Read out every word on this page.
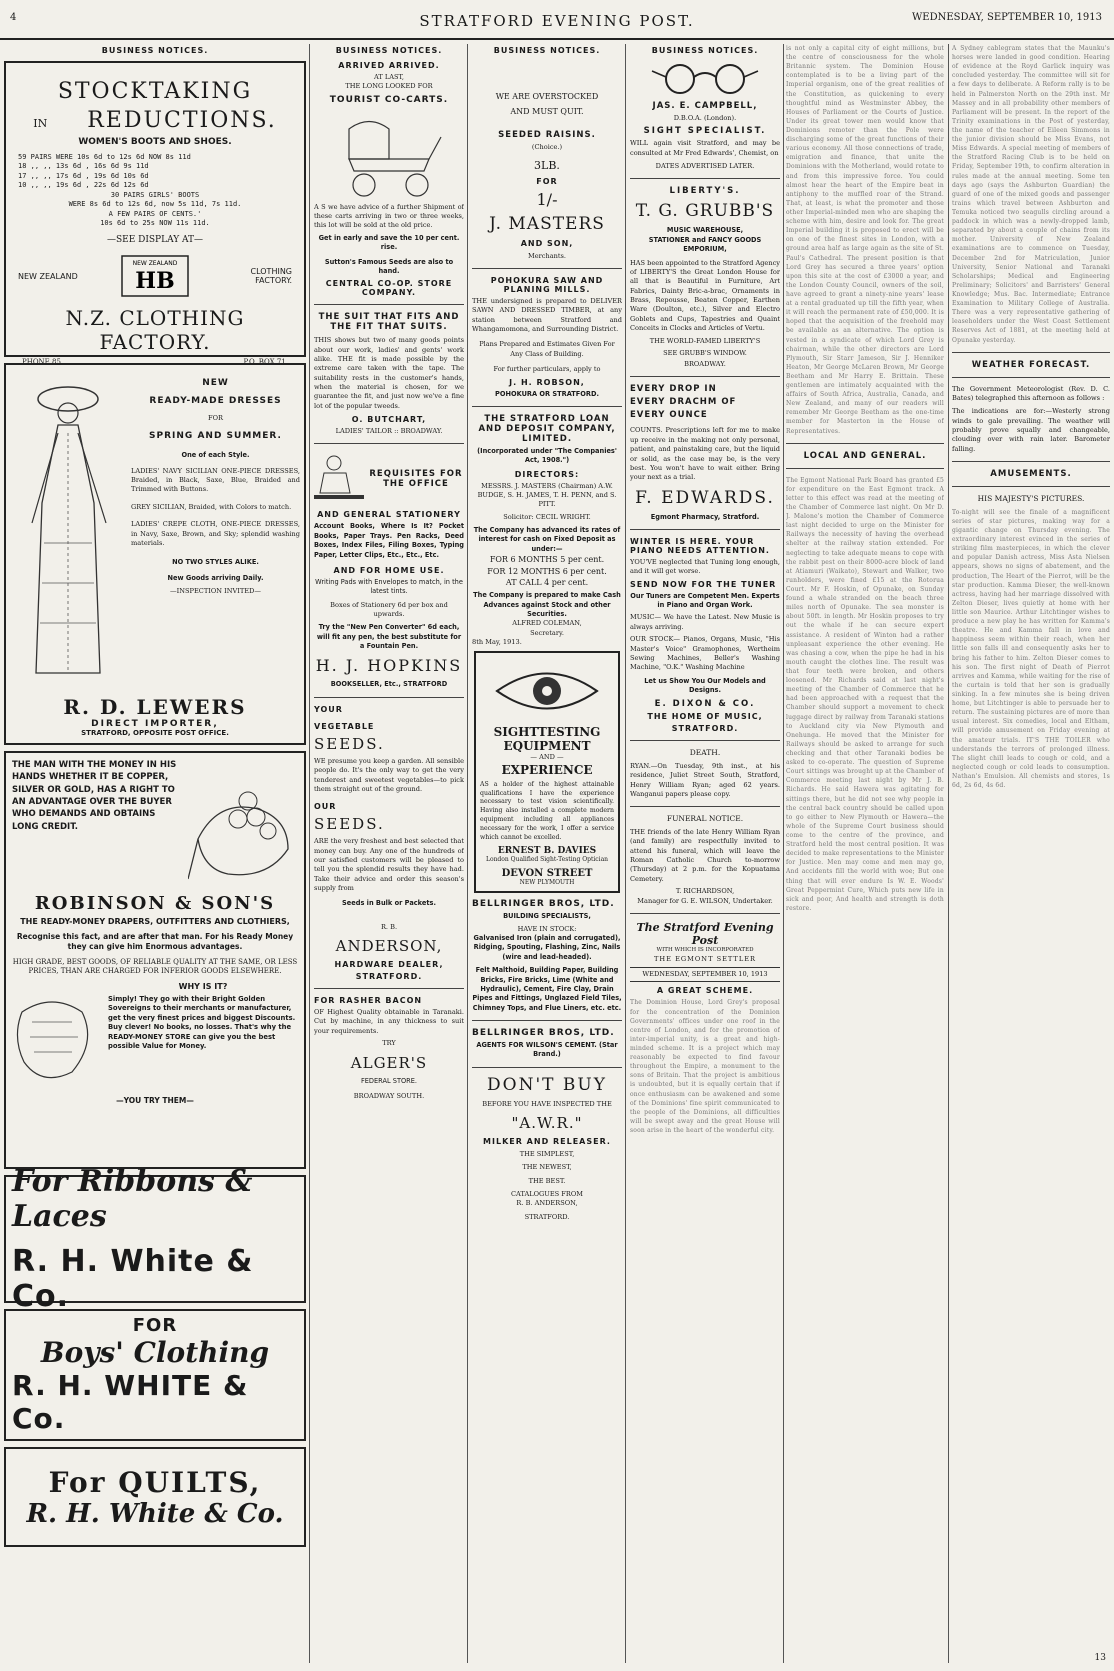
4	STRATFORD EVENING POST.	WEDNESDAY, SEPTEMBER 10, 1913
BUSINESS NOTICES.
STOCKTAKING
IN REDUCTIONS.
WOMEN'S BOOTS AND SHOES.
59 PAIRS WERE 10s 6d to 12s 6d NOW 8s 11d
18 ,, ,, 13s 6d , 16s 6d 9s 11d
17 ,, ,, 17s 6d , 19s 6d 10s 6d
10 ,, ,, 19s 6d , 22s 6d 12s 6d
30 PAIRS GIRLS' BOOTS
WERE 8s 6d to 12s 6d, now 5s 11d, 7s 11d.
A FEW PAIRS OF CENTS.'
10s 6d to 25s NOW 11s 11d.
—SEE DISPLAY AT—
NEW ZEALAND
NEW ZEALAND
HB	CLOTHING FACTORY.
N.Z. CLOTHING FACTORY.
PHONE 85.	P.O. BOX 71.
NEW
READY-MADE DRESSES
FOR
SPRING AND SUMMER.
One of each Style.
LADIES' NAVY SICILIAN ONE-PIECE DRESSES, Braided, in Black, Saxe, Blue, Braided and Trimmed with Buttons.
GREY SICILIAN, Braided, with Colors to match.
LADIES' CREPE CLOTH, ONE-PIECE DRESSES, in Navy, Saxe, Brown, and Sky; splendid washing materials.
NO TWO STYLES ALIKE.
New Goods arriving Daily.
—INSPECTION INVITED—
R. D. LEWERS
DIRECT IMPORTER,
STRATFORD, OPPOSITE POST OFFICE.
THE MAN WITH THE MONEY IN HIS HANDS WHETHER IT BE COPPER, SILVER OR GOLD, HAS A RIGHT TO AN ADVANTAGE OVER THE BUYER WHO DEMANDS AND OBTAINS LONG CREDIT.
ROBINSON & SON'S
THE READY-MONEY DRAPERS, OUTFITTERS AND CLOTHIERS,
Recognise this fact, and are after that man. For his Ready Money they can give him Enormous advantages.
HIGH GRADE, BEST GOODS, OF RELIABLE QUALITY AT THE SAME, OR LESS PRICES, THAN ARE CHARGED FOR INFERIOR GOODS ELSEWHERE.
WHY IS IT?
Simply! They go with their Bright Golden Sovereigns to their merchants or manufacturer, get the very finest prices and biggest Discounts. Buy clever! No books, no losses. That's why the READY-MONEY STORE can give you the best possible Value for Money.
—YOU TRY THEM—
For Ribbons & Laces
R. H. White & Co.
FOR
Boys' Clothing
R. H. WHITE & Co.
For QUILTS,
R. H. White & Co.
BUSINESS NOTICES.
ARRIVED ARRIVED.
AT LAST,
THE LONG LOOKED FOR
TOURIST CO-CARTS.
A S we have advice of a further Shipment of these carts arriving in two or three weeks, this lot will be sold at the old price.
Get in early and save the 10 per cent. rise.
Sutton's Famous Seeds are also to hand.
CENTRAL CO-OP. STORE COMPANY.
THE SUIT THAT FITS AND THE FIT THAT SUITS.
THIS shows but two of many goods points about our work, ladies' and gents' work alike. THE fit is made possible by the extreme care taken with the tape. The suitability rests in the customer's hands, when the material is chosen, for we guarantee the fit, and just now we've a fine lot of the popular tweeds.
O. BUTCHART,
LADIES' TAILOR :: BROADWAY.
REQUISITES FOR THE OFFICE
AND GENERAL STATIONERY
Account Books, Where Is It? Pocket Books, Paper Trays. Pen Racks, Deed Boxes, Index Files, Filing Boxes, Typing Paper, Letter Clips, Etc., Etc., Etc.
AND FOR HOME USE.
Writing Pads with Envelopes to match, in the latest tints.
Boxes of Stationery 6d per box and upwards.
Try the "New Pen Converter" 6d each, will fit any pen, the best substitute for a Fountain Pen.
H. J. HOPKINS
BOOKSELLER, Etc., STRATFORD
YOUR
VEGETABLE
SEEDS.
WE presume you keep a garden. All sensible people do. It's the only way to get the very tenderest and sweetest vegetables—to pick them straight out of the ground.
OUR
SEEDS.
ARE the very freshest and best selected that money can buy. Any one of the hundreds of our satisfied customers will be pleased to tell you the splendid results they have had. Take their advice and order this season's supply from
Seeds in Bulk or Packets.
R. B.
ANDERSON,
HARDWARE DEALER,
STRATFORD.
FOR RASHER BACON
OF Highest Quality obtainable in Taranaki. Cut by machine, in any thickness to suit your requirements.
TRY
ALGER'S
FEDERAL STORE.
BROADWAY SOUTH.
BUSINESS NOTICES.
WE ARE OVERSTOCKED
AND MUST QUIT.
SEEDED RAISINS.
(Choice.)
3LB.
FOR
1/-
J. MASTERS
AND SON,
Merchants.
POHOKURA SAW AND PLANING MILLS.
THE undersigned is prepared to DELIVER SAWN AND DRESSED TIMBER, at any station between Stratford and Whangamomona, and Surrounding District.
Plans Prepared and Estimates Given For Any Class of Building.
For further particulars, apply to
J. H. ROBSON,
POHOKURA OR STRATFORD.
THE STRATFORD LOAN AND DEPOSIT COMPANY, LIMITED.
(Incorporated under "The Companies' Act, 1908.")
DIRECTORS:
MESSRS. J. MASTERS (Chairman) A.W. BUDGE, S. H. JAMES, T. H. PENN, and S. PITT.
Solicitor: CECIL WRIGHT.
The Company has advanced its rates of interest for cash on Fixed Deposit as under:—
FOR 6 MONTHS 5 per cent.
FOR 12 MONTHS 6 per cent.
AT CALL 4 per cent.
The Company is prepared to make Cash Advances against Stock and other Securities.
ALFRED COLEMAN,
Secretary.
8th May, 1913.
SIGHTTESTING
EQUIPMENT
— AND —
EXPERIENCE
AS a holder of the highest attainable qualifications I have the experience necessary to test vision scientifically. Having also installed a complete modern equipment including all appliances necessary for the work, I offer a service which cannot be excelled.
ERNEST B. DAVIES
London Qualified Sight-Testing Optician
DEVON STREET
NEW PLYMOUTH
BELLRINGER BROS, LTD.
BUILDING SPECIALISTS,
HAVE IN STOCK:
Galvanised Iron (plain and corrugated), Ridging, Spouting, Flashing, Zinc, Nails (wire and lead-headed).
Felt Malthoid, Building Paper, Building Bricks, Fire Bricks, Lime (White and Hydraulic), Cement, Fire Clay, Drain Pipes and Fittings, Unglazed Field Tiles, Chimney Tops, and Flue Liners, etc. etc.
BELLRINGER BROS, LTD.
AGENTS FOR WILSON'S CEMENT. (Star Brand.)
DON'T BUY
BEFORE YOU HAVE INSPECTED THE
"A.W.R."
MILKER AND RELEASER.
THE SIMPLEST,
THE NEWEST,
THE BEST.
CATALOGUES FROM
R. B. ANDERSON,
STRATFORD.
BUSINESS NOTICES.
JAS. E. CAMPBELL,
D.B.O.A. (London).
SIGHT SPECIALIST.
WILL again visit Stratford, and may be consulted at Mr Fred Edwards', Chemist, on
DATES ADVERTISED LATER.
LIBERTY'S.
T. G. GRUBB'S
MUSIC WAREHOUSE,
STATIONER and FANCY GOODS EMPORIUM,
HAS been appointed to the Stratford Agency of LIBERTY'S the Great London House for all that is Beautiful in Furniture, Art Fabrics, Dainty Bric-a-brac, Ornaments in Brass, Repousse, Beaten Copper, Earthen Ware (Doulton, etc.), Silver and Electro Goblets and Cups, Tapestries and Quaint Conceits in Clocks and Articles of Vertu.
THE WORLD-FAMED LIBERTY'S
SEE GRUBB'S WINDOW.
BROADWAY.
EVERY DROP IN
EVERY DRACHM OF
EVERY OUNCE
COUNTS. Prescriptions left for me to make up receive in the making not only personal, patient, and painstaking care, but the liquid or solid, as the case may be, is the very best. You won't have to wait either. Bring your next as a trial.
F. EDWARDS.
Egmont Pharmacy, Stratford.
WINTER IS HERE. YOUR PIANO NEEDS ATTENTION.
YOU'VE neglected that Tuning long enough, and it will get worse.
SEND NOW FOR THE TUNER
Our Tuners are Competent Men. Experts in Piano and Organ Work.
MUSIC— We have the Latest. New Music is always arriving.
OUR STOCK— Pianos, Organs, Music, "His Master's Voice" Gramophones, Wertheim Sewing Machines, Beller's Washing Machine, "O.K." Washing Machine
Let us Show You Our Models and Designs.
E. DIXON & CO.
THE HOME OF MUSIC,
STRATFORD.
DEATH.
RYAN.—On Tuesday, 9th inst., at his residence, Juliet Street South, Stratford, Henry William Ryan; aged 62 years. Wanganui papers please copy.
FUNERAL NOTICE.
THE friends of the late Henry William Ryan (and family) are respectfully invited to attend his funeral, which will leave the Roman Catholic Church to-morrow (Thursday) at 2 p.m. for the Kopuatama Cemetery.
T. RICHARDSON,
Manager for G. E. WILSON, Undertaker.
The Stratford Evening Post
WITH WHICH IS INCORPORATED
THE EGMONT SETTLER
WEDNESDAY, SEPTEMBER 10, 1913
A GREAT SCHEME.
The Dominion House, Lord Grey's proposal for the concentration of the Dominion Governments' offices under one roof in the centre of London, and for the promotion of inter-imperial unity, is a great and high-minded scheme. It is a project which may reasonably be expected to find favour throughout the Empire, a monument to the sons of Britain. That the project is ambitious is undoubted, but it is equally certain that if once enthusiasm can be awakened and some of the Dominions' fine spirit communicated to the people of the Dominions, all difficulties will be swept away and the great House will soon arise in the heart of the wonderful city.
is not only a capital city of eight millions, but the centre of consciousness for the whole Britannic system. The Dominion House contemplated is to be a living part of the Imperial organism, one of the great realities of the Constitution, as quickening to every thoughtful mind as Westminster Abbey, the Houses of Parliament or the Courts of Justice. Under its great tower men would know that Dominions remoter than the Pole were discharging some of the great functions of their various economy. All those connections of trade, emigration and finance, that unite the Dominions with the Motherland, would rotate to and from this impressive force. You could almost hear the heart of the Empire beat in antiphony to the muffled roar of the Strand. That, at least, is what the promoter and those other Imperial-minded men who are shaping the scheme with him, desire and look for. The great Imperial building it is proposed to erect will be on one of the finest sites in London, with a ground area half as large again as the site of St. Paul's Cathedral. The present position is that Lord Grey has secured a three years' option upon this site at the cost of £3000 a year, and the London County Council, owners of the soil, have agreed to grant a ninety-nine years' lease at a rental graduated up till the fifth year, when it will reach the permanent rate of £50,000. It is hoped that the acquisition of the freehold may be available as an alternative. The option is vested in a syndicate of which Lord Grey is chairman, while the other directors are Lord Plymouth, Sir Starr Jameson, Sir J. Henniker Heaton, Mr George McLaren Brown, Mr George Beetham and Mr Harry E. Brittain. These gentlemen are intimately acquainted with the affairs of South Africa, Australia, Canada, and New Zealand, and many of our readers will remember Mr George Beetham as the one-time member for Masterton in the House of Representatives.
LOCAL AND GENERAL.
The Egmont National Park Board has granted £5 for expenditure on the East Egmont track. A letter to this effect was read at the meeting of the Chamber of Commerce last night. On Mr D. J. Malone's motion the Chamber of Commerce last night decided to urge on the Minister for Railways the necessity of having the overhead shelter at the railway station extended. For neglecting to take adequate means to cope with the rabbit pest on their 8000-acre block of land at Atiamuri (Waikato), Stewart and Walker, two runholders, were fined £15 at the Rotorua Court. Mr F. Hoskin, of Opunake, on Sunday found a whale stranded on the beach three miles north of Opunake. The sea monster is about 50ft. in length. Mr Hoskin proposes to try out the whale if he can secure expert assistance. A resident of Winton had a rather unpleasant experience the other evening. He was chasing a cow, when the pipe he had in his mouth caught the clothes line. The result was that four teeth were broken, and others loosened. Mr Richards said at last night's meeting of the Chamber of Commerce that he had been approached with a request that the Chamber should support a movement to check luggage direct by railway from Taranaki stations to Auckland city via New Plymouth and Onehunga. He moved that the Minister for Railways should be asked to arrange for such checking and that other Taranaki bodies be asked to co-operate. The question of Supreme Court sittings was brought up at the Chamber of Commerce meeting last night by Mr J. B. Richards. He said Hawera was agitating for sittings there, but he did not see why people in the central back country should be called upon to go either to New Plymouth or Hawera—the whole of the Supreme Court business should come to the centre of the province, and Stratford held the most central position. It was decided to make representations to the Minister for Justice. Men may come and men may go, And accidents fill the world with woe; But one thing that will ever endure Is W. E. Woods' Great Peppermint Cure, Which puts new life in sick and poor, And health and strength is doth restore.
A Sydney cablegram states that the Maunku's horses were landed in good condition. Hearing of evidence at the Royd Garlick inquiry was concluded yesterday. The committee will sit for a few days to deliberate. A Reform rally is to be held in Palmerston North on the 29th inst. Mr Massey and in all probability other members of Parliament will be present. In the report of the Trinity examinations in the Post of yesterday, the name of the teacher of Eileen Simmons in the junior division should be Miss Evans, not Miss Edwards. A special meeting of members of the Stratford Racing Club is to be held on Friday, September 19th, to confirm alteration in rules made at the annual meeting. Some ten days ago (says the Ashburton Guardian) the guard of one of the mixed goods and passenger trains which travel between Ashburton and Temuka noticed two seagulls circling around a paddock in which was a newly-dropped lamb, separated by about a couple of chains from its mother. University of New Zealand examinations are to commence on Tuesday, December 2nd for Matriculation, Junior University, Senior National and Taranaki Scholarships; Medical and Engineering Preliminary; Solicitors' and Barristers' General Knowledge; Mus. Bac. Intermediate; Entrance Examination to Military College of Australia. There was a very representative gathering of leaseholders under the West Coast Settlement Reserves Act of 1881, at the meeting held at Opunake yesterday.
WEATHER FORECAST.
The Government Meteorologist (Rev. D. C. Bates) telegraphed this afternoon as follows :
The indications are for:—Westerly strong winds to gale prevailing. The weather will probably prove squally and changeable, clouding over with rain later. Barometer falling.
AMUSEMENTS.
HIS MAJESTY'S PICTURES.
To-night will see the finale of a magnificent series of star pictures, making way for a gigantic change on Thursday evening. The extraordinary interest evinced in the series of striking film masterpieces, in which the clever and popular Danish actress, Miss Asta Nielsen appears, shows no signs of abatement, and the production, The Heart of the Pierrot, will be the star production. Kamma Dieser, the well-known actress, having had her marriage dissolved with Zelton Dieser, lives quietly at home with her little son Maurice. Arthur Litchtinger wishes to produce a new play he has written for Kamma's theatre. He and Kamma fall in love and happiness seem within their reach, when her little son falls ill and consequently asks her to bring his father to him. Zelton Dieser comes to his son. The first night of Death of Pierrot arrives and Kamma, while waiting for the rise of the curtain is told that her son is gradually sinking. In a few minutes she is being driven home, but Litchtinger is able to persuade her to return. The sustaining pictures are of more than usual interest. Six comedies, local and Eltham, will provide amusement on Friday evening at the amateur trials. IT'S THE TOILER who understands the terrors of prolonged illness. The slight chill leads to cough or cold, and a neglected cough or cold leads to consumption. Nathan's Emulsion. All chemists and stores, 1s 6d, 2s 6d, 4s 6d.
13
